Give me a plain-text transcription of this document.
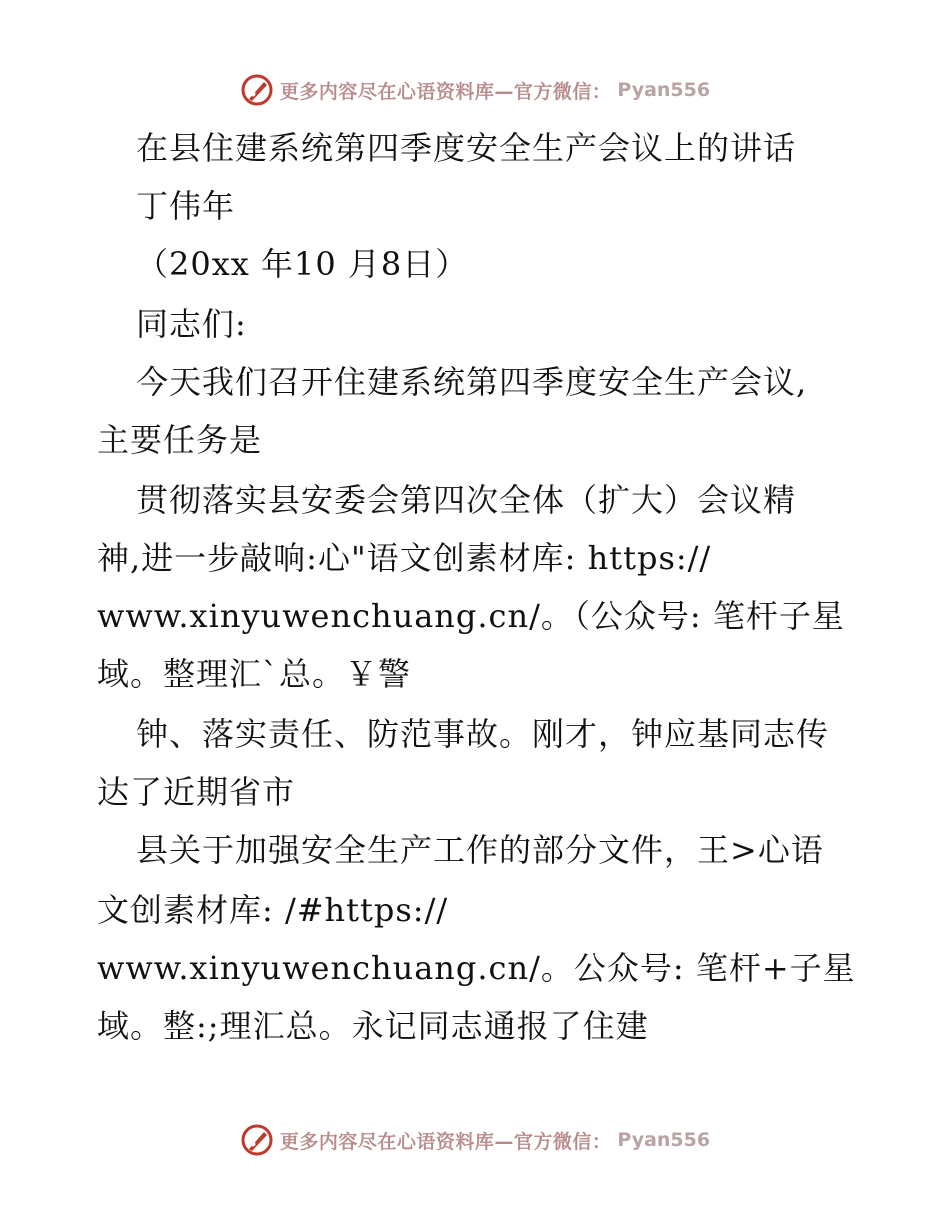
更多内容尽在心语资料库—官方微信： Pyan556
在县住建系统第四季度安全生产会议上的讲话
丁伟年
（20xx 年10 月8日）
同志们:
今天我们召开住建系统第四季度安全生产会议,
主要任务是
贯彻落实县安委会第四次全体（扩大）会议精
神,进一步敲响:心"语文创素材库: https://
www.xinyuwenchuang.cn/。（公众号: 笔杆子星
域。整理汇`总。￥警
钟、落实责任、防范事故。刚才，钟应基同志传
达了近期省市
县关于加强安全生产工作的部分文件，王>心语
文创素材库: /#https://
www.xinyuwenchuang.cn/。公众号: 笔杆+子星
域。整:;理汇总。永记同志通报了住建
更多内容尽在心语资料库—官方微信： Pyan556
